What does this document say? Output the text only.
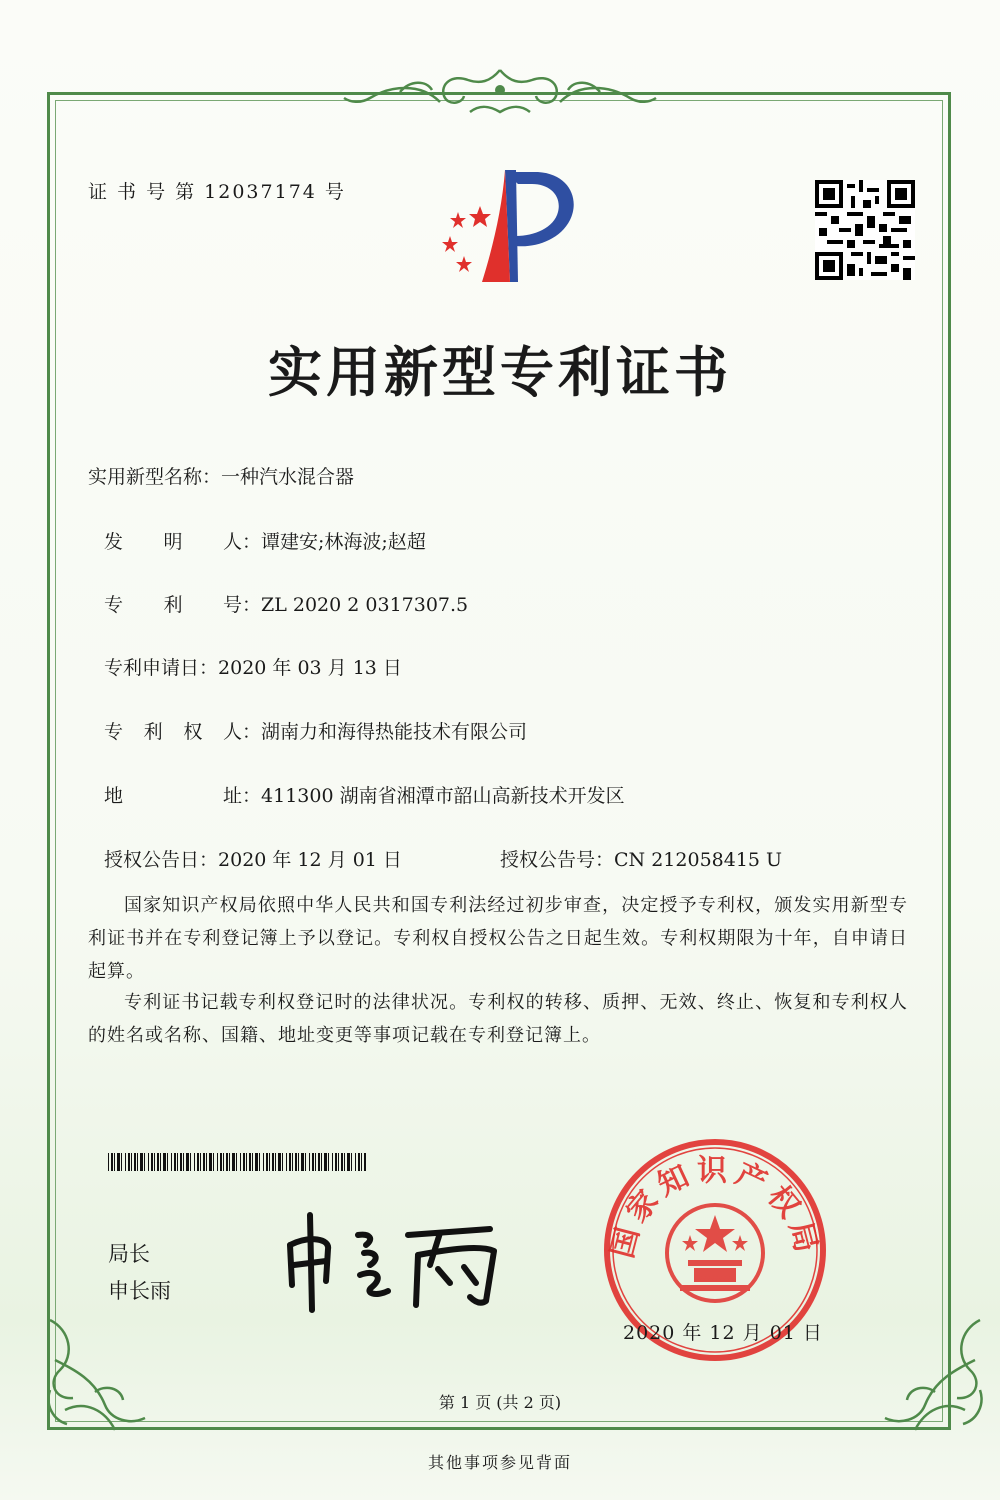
证 书 号 第 12037174 号
实用新型专利证书
实用新型名称：一种汽水混合器
发 明 人 ：谭建安;林海波;赵超
专 利 号 ：ZL 2020 2 0317307.5
专利申请日：2020 年 03 月 13 日
专 利 权 人 ：湖南力和海得热能技术有限公司
地	址 ：411300 湖南省湘潭市韶山高新技术开发区
授权公告日：2020 年 12 月 01 日	授权公告号：CN 212058415 U
国家知识产权局依照中华人民共和国专利法经过初步审查，决定授予专利权，颁发实用新型专利证书并在专利登记簿上予以登记。专利权自授权公告之日起生效。专利权期限为十年，自申请日起算。
专利证书记载专利权登记时的法律状况。专利权的转移、质押、无效、终止、恢复和专利权人的姓名或名称、国籍、地址变更等事项记载在专利登记簿上。
局长
申长雨
国家知识产权局
2020 年 12 月 01 日
第 1 页 (共 2 页)
其他事项参见背面
